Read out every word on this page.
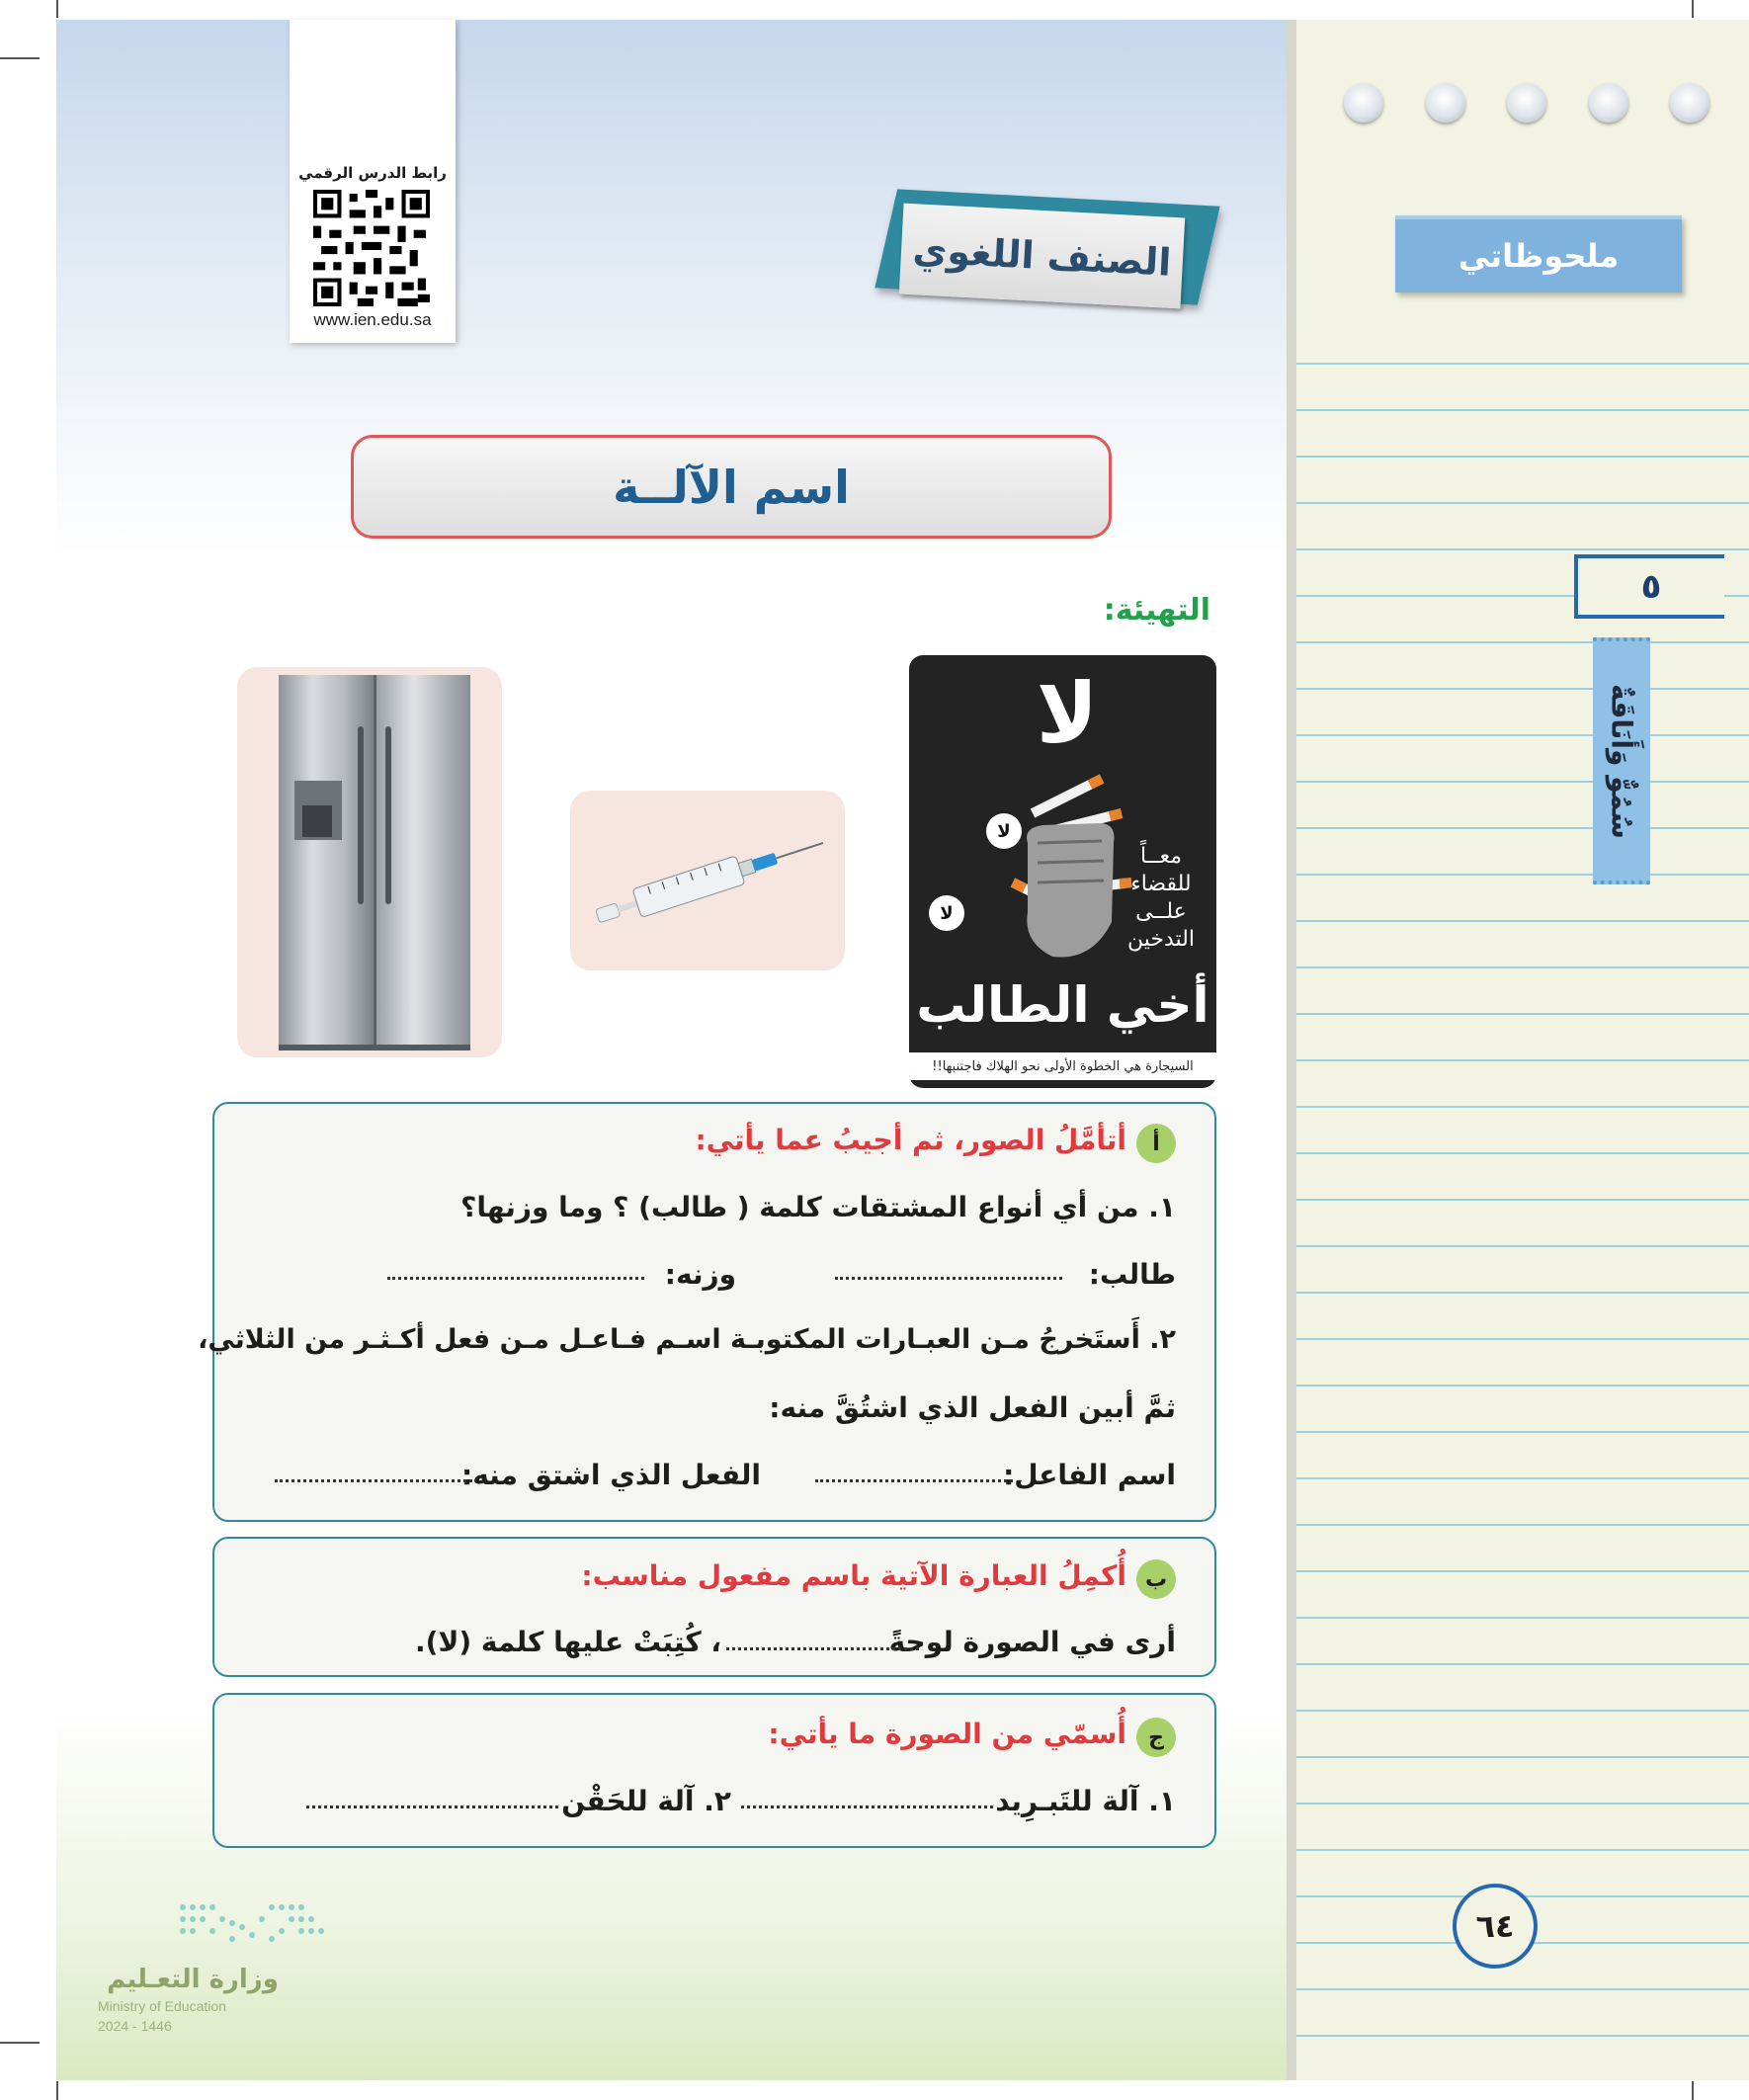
ملحوظاتي
٥
سُمُوٌّ وَأَنَاقَةٌ
٦٤
رابط الدرس الرقمي
www.ien.edu.sa
الصنف اللغوي
اسم الآلــة
التهيئة:
لا
لا
لا
معــاً
للقضاء
علــى
التدخين
أخي الطالب
السيجارة هي الخطوة الأولى نحو الهلاك فاجتنبها!!
أ
أتأمَّلُ الصور، ثم أجيبُ عما يأتي:
١. من أي أنواع المشتقات كلمة ( طالب) ؟ وما وزنها؟
طالب:
وزنه:
٢. أَستَخرجُ مـن العبـارات المكتوبـة اسـم فـاعـل مـن فعل أكـثـر من الثلاثي،
ثمَّ أبين الفعل الذي اشتُقَّ منه:
اسم الفاعل:
الفعل الذي اشتق منه:
ب
أُكمِلُ العبارة الآتية باسم مفعول مناسب:
أرى في الصورة لوحةً
، كُتِبَتْ عليها كلمة (لا).
ج
أُسمّي من الصورة ما يأتي:
١. آلة للتَبـرِيد
٢. آلة للحَقْن
وزارة التعـليم
Ministry of Education
2024 - 1446
